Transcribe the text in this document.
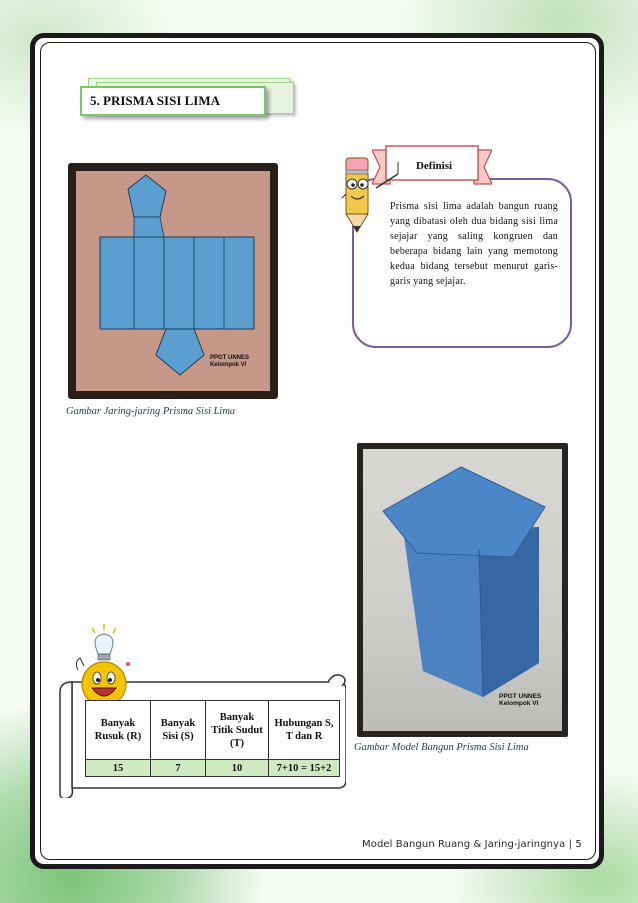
5. PRISMA SISI LIMA
PPGT UNNES
Kelompok VI
Gambar Jaring-jaring Prisma Sisi Lima
Definisi
Prisma sisi lima adalah bangun ruang yang dibatasi oleh dua bidang sisi lima sejajar yang saling kongruen dan beberapa bidang lain yang memotong kedua bidang tersebut menurut garis-garis yang sejajar.
PPGT UNNES
Kelompok VI
Gambar Model Bangun Prisma Sisi Lima
Banyak Rusuk (R)	Banyak Sisi (S)	Banyak Titik Sudut (T)	Hubungan S, T dan R
15	7	10	7+10 = 15+2
Model Bangun Ruang & Jaring-jaringnya | 5
